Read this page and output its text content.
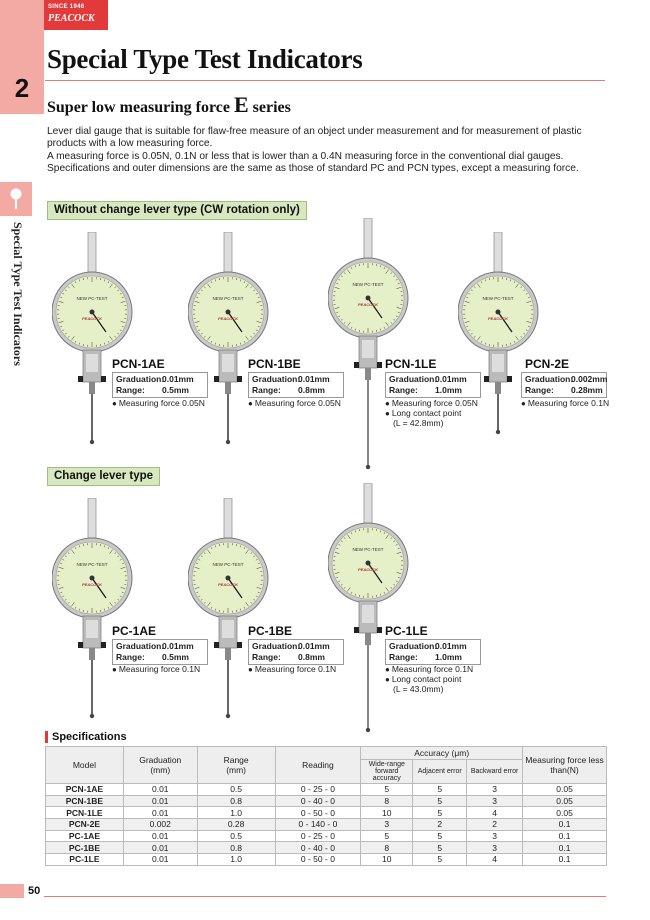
2
SINCE 1946
PEACOCK
Special Type Test Indicators
Special Type Test Indicators
Super low measuring force E series

Lever dial gauge that is suitable for flaw-free measure of an object under measurement and for measurement of plastic products with a low measuring force.

A measuring force is 0.05N, 0.1N or less that is lower than a 0.4N measuring force in the conventional dial gauges.

Specifications and outer dimensions are the same as those of standard PC and PCN types, except a measuring force.

Without change lever type (CW rotation only)
Change lever type
NEW PC-TEST
PEACOCK
NEW PC-TEST
PEACOCK
NEW PC-TEST
PEACOCK
NEW PC-TEST
PEACOCK
NEW PC-TEST
PEACOCK
NEW PC-TEST
PEACOCK
NEW PC-TEST
PEACOCK
PCN-1AE
Graduation:
0.01mm
Range:	0.5mm
● Measuring force 0.05N
PCN-1BE
Graduation:
0.01mm
Range:	0.8mm
● Measuring force 0.05N
PCN-1LE
Graduation:
0.01mm
Range:	1.0mm
● Measuring force 0.05N
● Long contact point
(L = 42.8mm)
PCN-2E
Graduation:
0.002mm
Range:	0.28mm
● Measuring force 0.1N
PC-1AE
Graduation:
0.01mm
Range:	0.5mm
● Measuring force 0.1N
PC-1BE
Graduation:
0.01mm
Range:	0.8mm
● Measuring force 0.1N
PC-1LE
Graduation:
0.01mm
Range:	1.0mm
● Measuring force 0.1N
● Long contact point
(L = 43.0mm)
Specifications
Model	Graduation
(mm)	Range
(mm)	Reading	Accuracy (μm)			Measuring force less than(N)
				Wide-range forward accuracy	Adjacent error	Backward error	
PCN-1AE	0.01	0.5	0 - 25 - 0	5	5	3	0.05
PCN-1BE	0.01	0.8	0 - 40 - 0	8	5	3	0.05
PCN-1LE	0.01	1.0	0 - 50 - 0	10	5	4	0.05
PCN-2E	0.002	0.28	0 - 140 - 0	3	2	2	0.1
PC-1AE	0.01	0.5	0 - 25 - 0	5	5	3	0.1
PC-1BE	0.01	0.8	0 - 40 - 0	8	5	3	0.1
PC-1LE	0.01	1.0	0 - 50 - 0	10	5	4	0.1
50
